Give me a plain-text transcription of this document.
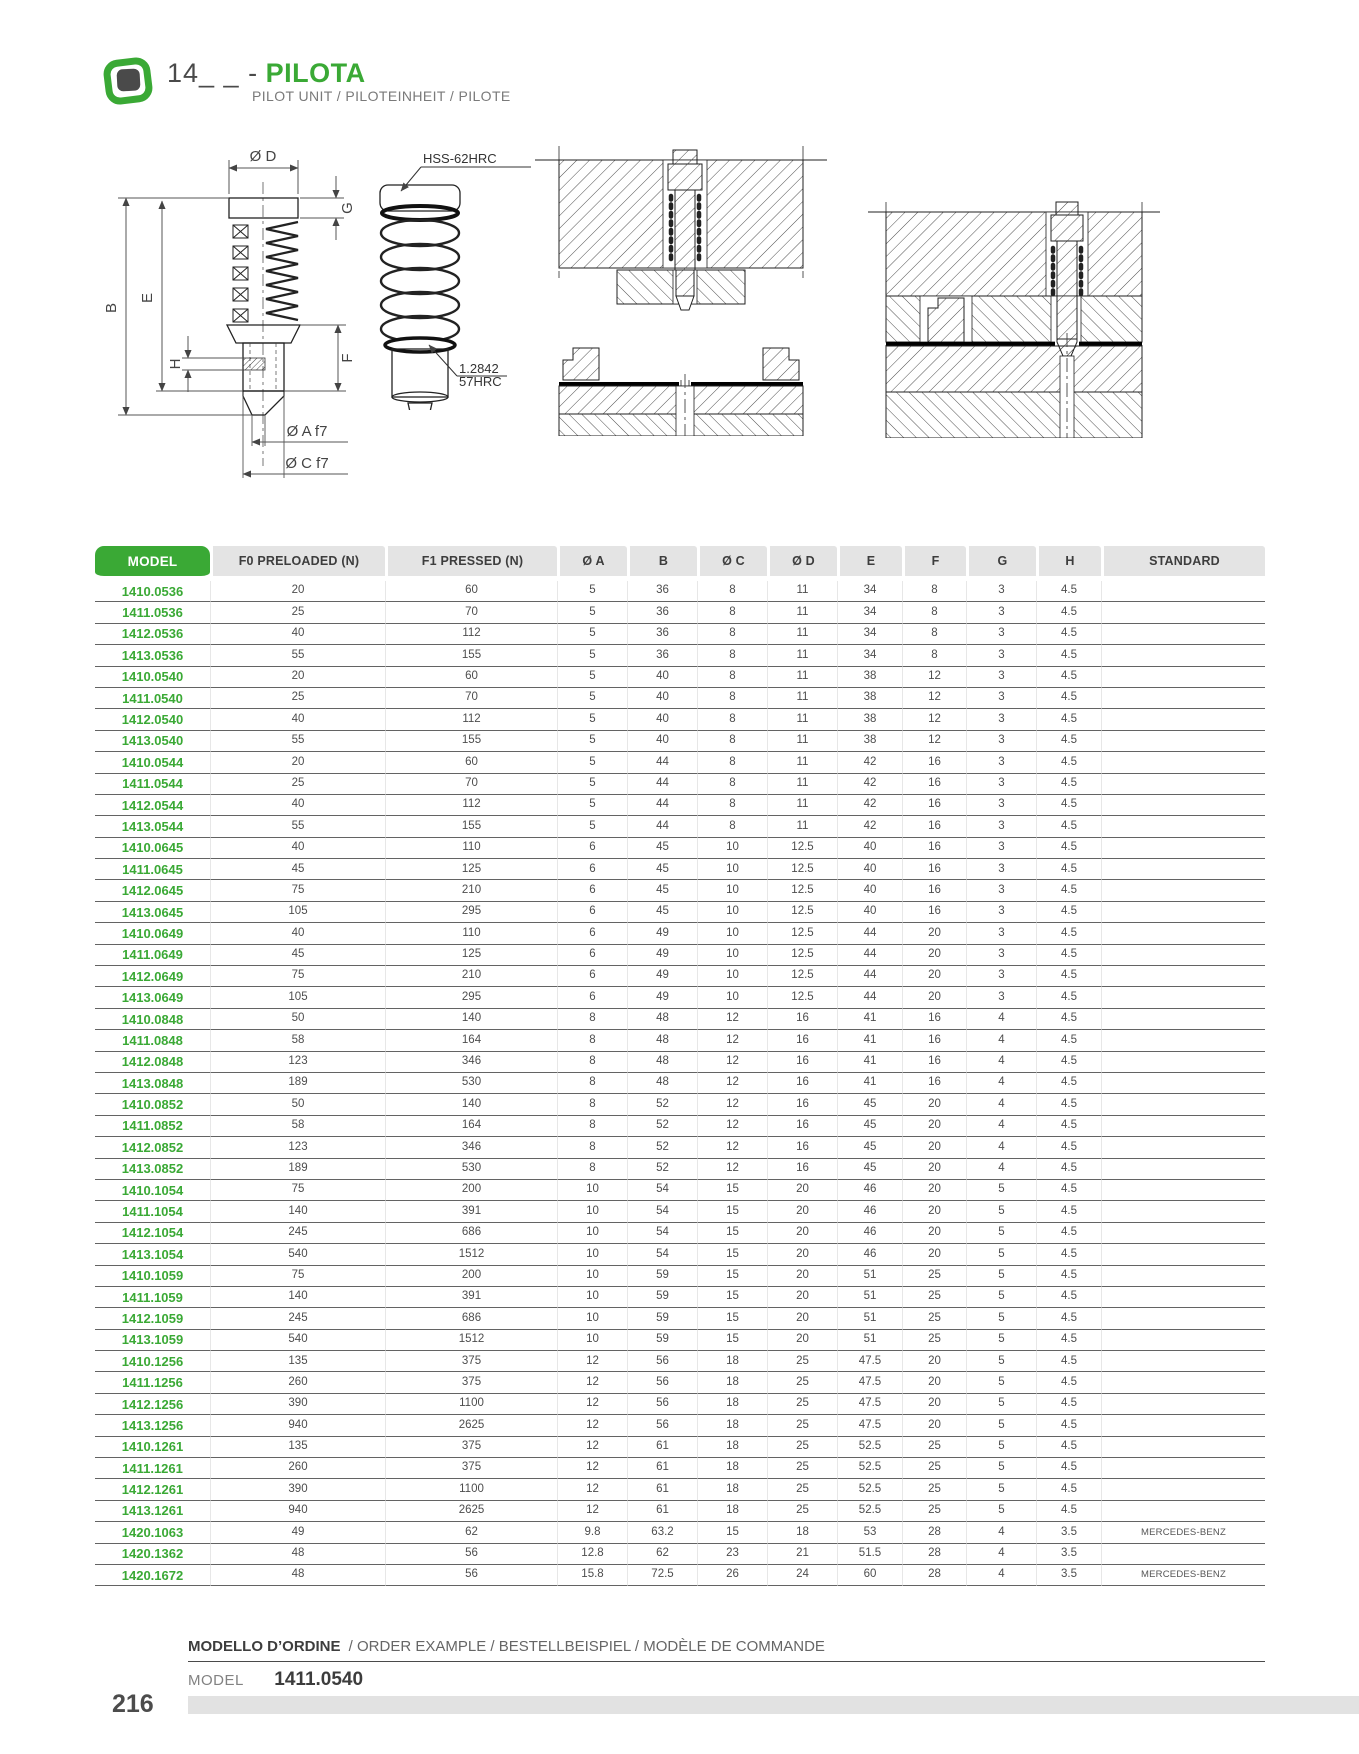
14_ _ - PILOTA
PILOT UNIT / PILOTEINHEIT / PILOTE
Ø D
G
B
E
H
F
Ø A f7
Ø C f7
HSS-62HRC
1.2842
57HRC
MODEL	F0 PRELOADED (N)	F1 PRESSED (N)	Ø A	B	Ø C	Ø D	E	F	G	H	STANDARD
1410.0536	20	60	5	36	8	11	34	8	3	4.5	
1411.0536	25	70	5	36	8	11	34	8	3	4.5	
1412.0536	40	112	5	36	8	11	34	8	3	4.5	
1413.0536	55	155	5	36	8	11	34	8	3	4.5	
1410.0540	20	60	5	40	8	11	38	12	3	4.5	
1411.0540	25	70	5	40	8	11	38	12	3	4.5	
1412.0540	40	112	5	40	8	11	38	12	3	4.5	
1413.0540	55	155	5	40	8	11	38	12	3	4.5	
1410.0544	20	60	5	44	8	11	42	16	3	4.5	
1411.0544	25	70	5	44	8	11	42	16	3	4.5	
1412.0544	40	112	5	44	8	11	42	16	3	4.5	
1413.0544	55	155	5	44	8	11	42	16	3	4.5	
1410.0645	40	110	6	45	10	12.5	40	16	3	4.5	
1411.0645	45	125	6	45	10	12.5	40	16	3	4.5	
1412.0645	75	210	6	45	10	12.5	40	16	3	4.5	
1413.0645	105	295	6	45	10	12.5	40	16	3	4.5	
1410.0649	40	110	6	49	10	12.5	44	20	3	4.5	
1411.0649	45	125	6	49	10	12.5	44	20	3	4.5	
1412.0649	75	210	6	49	10	12.5	44	20	3	4.5	
1413.0649	105	295	6	49	10	12.5	44	20	3	4.5	
1410.0848	50	140	8	48	12	16	41	16	4	4.5	
1411.0848	58	164	8	48	12	16	41	16	4	4.5	
1412.0848	123	346	8	48	12	16	41	16	4	4.5	
1413.0848	189	530	8	48	12	16	41	16	4	4.5	
1410.0852	50	140	8	52	12	16	45	20	4	4.5	
1411.0852	58	164	8	52	12	16	45	20	4	4.5	
1412.0852	123	346	8	52	12	16	45	20	4	4.5	
1413.0852	189	530	8	52	12	16	45	20	4	4.5	
1410.1054	75	200	10	54	15	20	46	20	5	4.5	
1411.1054	140	391	10	54	15	20	46	20	5	4.5	
1412.1054	245	686	10	54	15	20	46	20	5	4.5	
1413.1054	540	1512	10	54	15	20	46	20	5	4.5	
1410.1059	75	200	10	59	15	20	51	25	5	4.5	
1411.1059	140	391	10	59	15	20	51	25	5	4.5	
1412.1059	245	686	10	59	15	20	51	25	5	4.5	
1413.1059	540	1512	10	59	15	20	51	25	5	4.5	
1410.1256	135	375	12	56	18	25	47.5	20	5	4.5	
1411.1256	260	375	12	56	18	25	47.5	20	5	4.5	
1412.1256	390	1100	12	56	18	25	47.5	20	5	4.5	
1413.1256	940	2625	12	56	18	25	47.5	20	5	4.5	
1410.1261	135	375	12	61	18	25	52.5	25	5	4.5	
1411.1261	260	375	12	61	18	25	52.5	25	5	4.5	
1412.1261	390	1100	12	61	18	25	52.5	25	5	4.5	
1413.1261	940	2625	12	61	18	25	52.5	25	5	4.5	
1420.1063	49	62	9.8	63.2	15	18	53	28	4	3.5	MERCEDES-BENZ
1420.1362	48	56	12.8	62	23	21	51.5	28	4	3.5	
1420.1672	48	56	15.8	72.5	26	24	60	28	4	3.5	MERCEDES-BENZ
MODELLO D’ORDINE / ORDER EXAMPLE / BESTELLBEISPIEL / MODÈLE DE COMMANDE
MODEL 1411.0540
216
